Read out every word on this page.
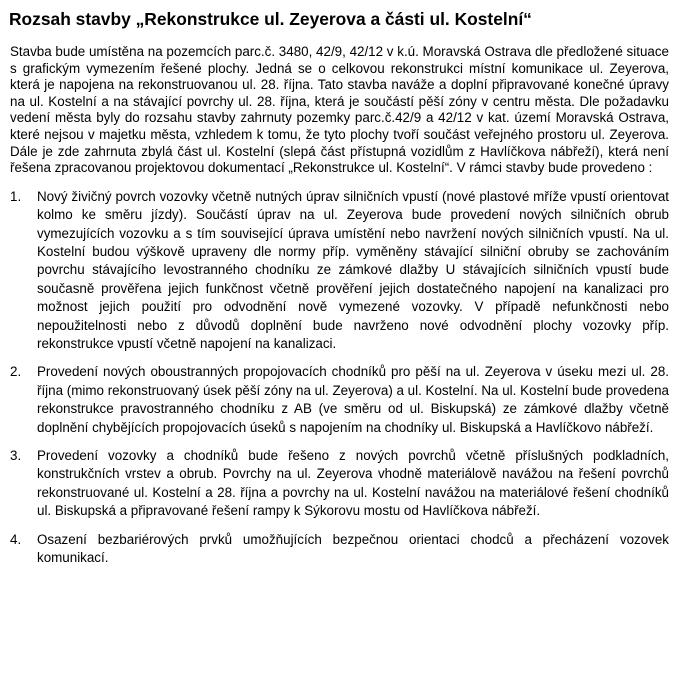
Rozsah stavby „Rekonstrukce ul. Zeyerova a části ul. Kostelní“

Stavba bude umístěna na pozemcích parc.č. 3480, 42/9, 42/12 v k.ú. Moravská Ostrava dle předložené situace s grafickým vymezením řešené plochy. Jedná se o celkovou rekonstrukci místní komunikace ul. Zeyerova, která je napojena na rekonstruovanou ul. 28. října. Tato stavba naváže a doplní připravované konečné úpravy na ul. Kostelní a na stávající povrchy ul. 28. října, která je součástí pěší zóny v centru města. Dle požadavku vedení města byly do rozsahu stavby zahrnuty pozemky parc.č.42/9 a 42/12 v kat. území Moravská Ostrava, které nejsou v majetku města, vzhledem k tomu, že tyto plochy tvoří součást veřejného prostoru ul. Zeyerova. Dále je zde zahrnuta zbylá část ul. Kostelní (slepá část přístupná vozidlům z Havlíčkova nábřeží), která není řešena zpracovanou projektovou dokumentací „Rekonstrukce ul. Kostelní“. V rámci stavby bude provedeno :

1. Nový živičný povrch vozovky včetně nutných úprav silničních vpustí (nové plastové mříže vpustí orientovat kolmo ke směru jízdy). Součástí úprav na ul. Zeyerova bude provedení nových silničních obrub vymezujících vozovku a s tím související úprava umístění nebo navržení nových silničních vpustí. Na ul. Kostelní budou výškově upraveny dle normy příp. vyměněny stávající silniční obruby se zachováním povrchu stávajícího levostranného chodníku ze zámkové dlažby U stávajících silničních vpustí bude současně prověřena jejich funkčnost včetně prověření jejich dostatečného napojení na kanalizaci pro možnost jejich použití pro odvodnění nově vymezené vozovky. V případě nefunkčnosti nebo nepoužitelnosti nebo z důvodů doplnění bude navrženo nové odvodnění plochy vozovky příp. rekonstrukce vpustí včetně napojení na kanalizaci.
2. Provedení nových oboustranných propojovacích chodníků pro pěší na ul. Zeyerova v úseku mezi ul. 28. října (mimo rekonstruovaný úsek pěší zóny na ul. Zeyerova) a ul. Kostelní. Na ul. Kostelní bude provedena rekonstrukce pravostranného chodníku z AB (ve směru od ul. Biskupská) ze zámkové dlažby včetně doplnění chybějících propojovacích úseků s napojením na chodníky ul. Biskupská a Havlíčkovo nábřeží.
3. Provedení vozovky a chodníků bude řešeno z nových povrchů včetně příslušných podkladních, konstrukčních vrstev a obrub. Povrchy na ul. Zeyerova vhodně materiálově navážou na řešení povrchů rekonstruované ul. Kostelní a 28. října a povrchy na ul. Kostelní navážou na materiálové řešení chodníků ul. Biskupská a připravované řešení rampy k Sýkorovu mostu od Havlíčkova nábřeží.
4. Osazení bezbariérových prvků umožňujících bezpečnou orientaci chodců a přecházení vozovek komunikací.
